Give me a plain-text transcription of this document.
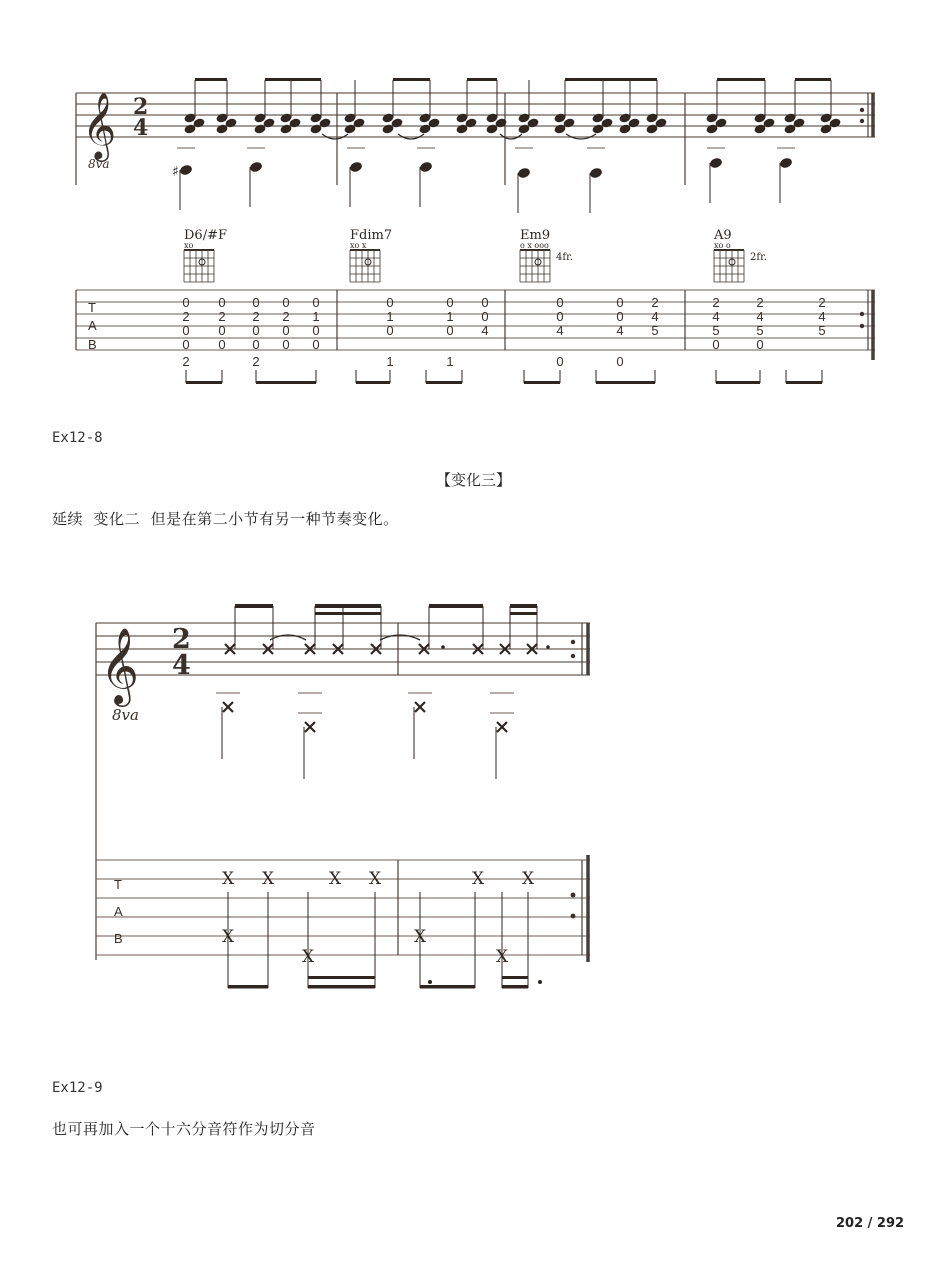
𝄞
8va
2
4
♯
D6/#F
xo
Fdim7
xo x
Em9
o x ooo
4fr.
A9
xo o
2fr.
T
A
B
0
2
0
0
2
0
2
0
0
0
2
0
0
2
0
2
0
0
0
1
0
0
0
1
0
1
0
1
0
1
0
0
4
0
0
4
0
0
0
4
0
2
4
5
2
4
5
0
2
4
5
0
2
4
5
Ex12-8
【变化三】
延续  变化二  但是在第二小节有另一种节奏变化。
𝄞
8va
2
4
T
A
B
X X	X X	X X
X
X
X
X
Ex12-9
也可再加入一个十六分音符作为切分音
202 / 292
